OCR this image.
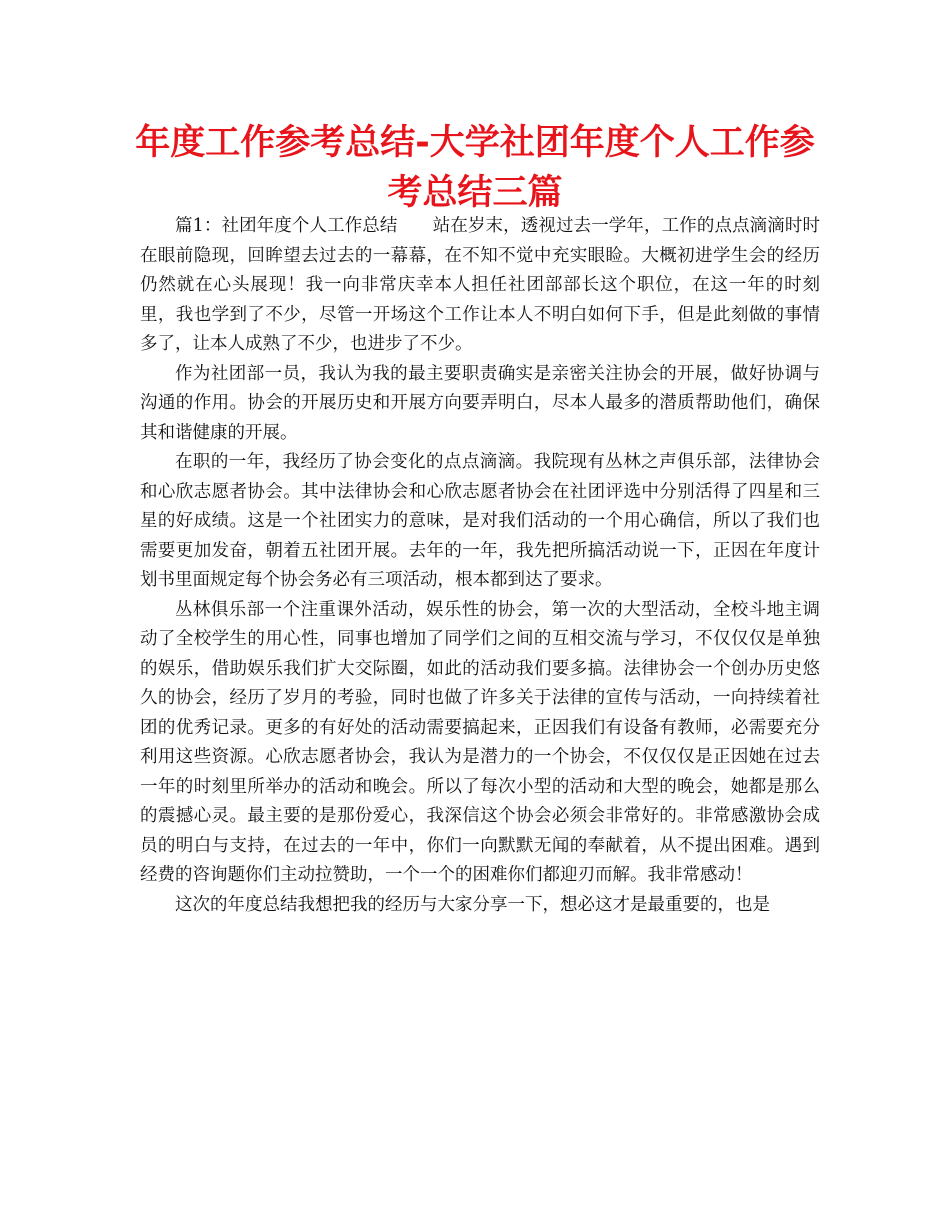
年度工作参考总结-大学社团年度个人工作参考总结三篇

篇1：社团年度个人工作总结　　站在岁末，透视过去一学年，工作的点点滴滴时时在眼前隐现，回眸望去过去的一幕幕，在不知不觉中充实眼睑。大概初进学生会的经历仍然就在心头展现！我一向非常庆幸本人担任社团部部长这个职位，在这一年的时刻里，我也学到了不少，尽管一开场这个工作让本人不明白如何下手，但是此刻做的事情多了，让本人成熟了不少，也进步了不少。

作为社团部一员，我认为我的最主要职责确实是亲密关注协会的开展，做好协调与沟通的作用。协会的开展历史和开展方向要弄明白，尽本人最多的潜质帮助他们，确保其和谐健康的开展。

在职的一年，我经历了协会变化的点点滴滴。我院现有丛林之声俱乐部，法律协会和心欣志愿者协会。其中法律协会和心欣志愿者协会在社团评选中分别活得了四星和三星的好成绩。这是一个社团实力的意味，是对我们活动的一个用心确信，所以了我们也需要更加发奋，朝着五社团开展。去年的一年，我先把所搞活动说一下，正因在年度计划书里面规定每个协会务必有三项活动，根本都到达了要求。

丛林俱乐部一个注重课外活动，娱乐性的协会，第一次的大型活动，全校斗地主调动了全校学生的用心性，同事也增加了同学们之间的互相交流与学习，不仅仅仅是单独的娱乐，借助娱乐我们扩大交际圈，如此的活动我们要多搞。法律协会一个创办历史悠久的协会，经历了岁月的考验，同时也做了许多关于法律的宣传与活动，一向持续着社团的优秀记录。更多的有好处的活动需要搞起来，正因我们有设备有教师，必需要充分利用这些资源。心欣志愿者协会，我认为是潜力的一个协会，不仅仅仅是正因她在过去一年的时刻里所举办的活动和晚会。所以了每次小型的活动和大型的晚会，她都是那么的震撼心灵。最主要的是那份爱心，我深信这个协会必须会非常好的。非常感激协会成员的明白与支持，在过去的一年中，你们一向默默无闻的奉献着，从不提出困难。遇到经费的咨询题你们主动拉赞助，一个一个的困难你们都迎刃而解。我非常感动！

这次的年度总结我想把我的经历与大家分享一下，想必这才是最重要的，也是
